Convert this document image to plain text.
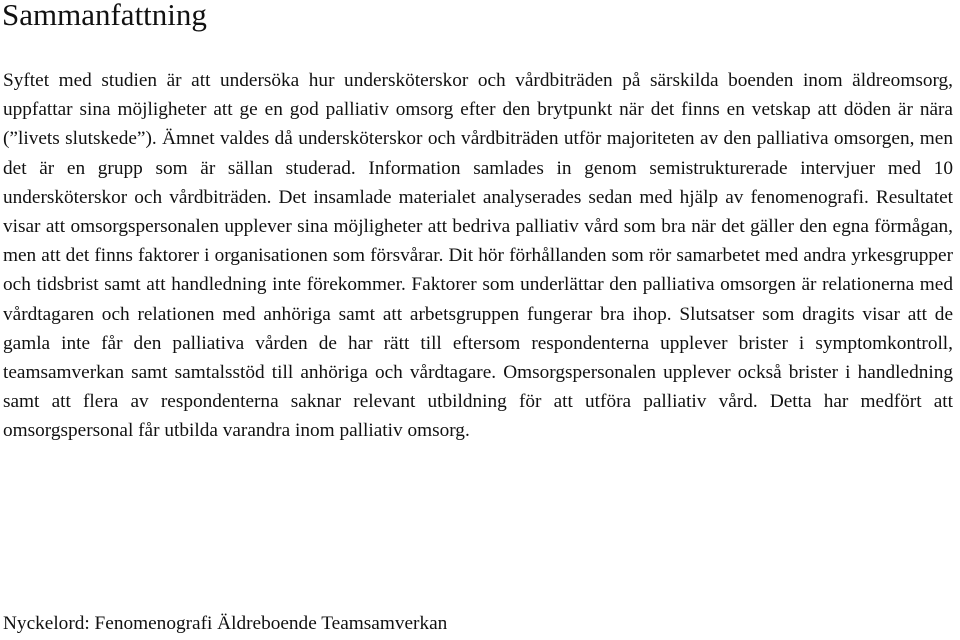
Sammanfattning

Syftet med studien är att undersöka hur undersköterskor och vårdbiträden på särskilda boenden inom äldreomsorg, uppfattar sina möjligheter att ge en god palliativ omsorg efter den brytpunkt när det finns en vetskap att döden är nära (”livets slutskede”). Ämnet valdes då undersköterskor och vårdbiträden utför majoriteten av den palliativa omsorgen, men det är en grupp som är sällan studerad. Information samlades in genom semistrukturerade intervjuer med 10 undersköterskor och vårdbiträden. Det insamlade materialet analyserades sedan med hjälp av fenomenografi. Resultatet visar att omsorgspersonalen upplever sina möjligheter att bedriva palliativ vård som bra när det gäller den egna förmågan, men att det finns faktorer i organisationen som försvårar. Dit hör förhållanden som rör samarbetet med andra yrkesgrupper och tidsbrist samt att handledning inte förekommer. Faktorer som underlättar den palliativa omsorgen är relationerna med vårdtagaren och relationen med anhöriga samt att arbetsgruppen fungerar bra ihop. Slutsatser som dragits visar att de gamla inte får den palliativa vården de har rätt till eftersom respondenterna upplever brister i symptomkontroll, teamsamverkan samt samtalsstöd till anhöriga och vårdtagare. Omsorgspersonalen upplever också brister i handledning samt att flera av respondenterna saknar relevant utbildning för att utföra palliativ vård. Detta har medfört att omsorgspersonal får utbilda varandra inom palliativ omsorg.

Nyckelord: Fenomenografi Äldreboende Teamsamverkan
